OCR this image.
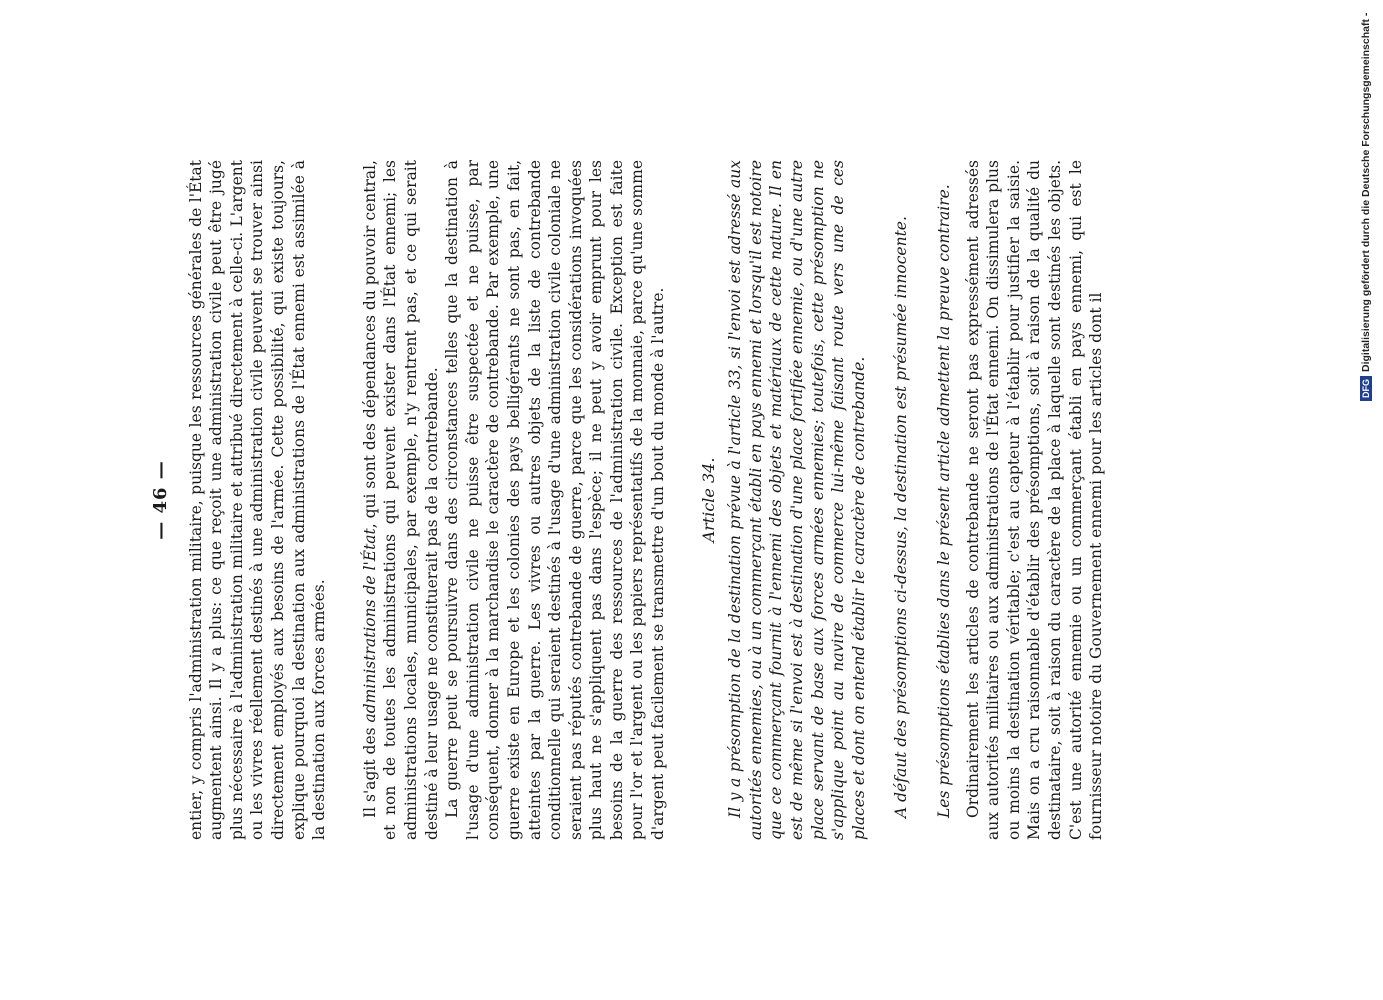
— 46 — entier, y compris l'administration militaire, puisque les ressources générales de l'État augmentent ainsi. Il y a plus: ce que reçoit une administration civile peut être jugé plus nécessaire à l'administration militaire et attribué directement à celle-ci. L'argent ou les vivres réellement destinés à une administration civile peuvent se trouver ainsi directement employés aux besoins de l'armée. Cette possibilité, qui existe toujours, explique pourquoi la destination aux administrations de l'État ennemi est assimilée à la destination aux forces armées. Il s'agit des administrations de l'État, qui sont des dépendances du pouvoir central, et non de toutes les administrations qui peuvent exister dans l'État ennemi; les administrations locales, municipales, par exemple, n'y rentrent pas, et ce qui serait destiné à leur usage ne constituerait pas de la contrebande. La guerre peut se poursuivre dans des circonstances telles que la destination à l'usage d'une administration civile ne puisse être suspectée et ne puisse, par conséquent, donner à la marchandise le caractère de contrebande. Par exemple, une guerre existe en Europe et les colonies des pays belligérants ne sont pas, en fait, atteintes par la guerre. Les vivres ou autres objets de la liste de contrebande conditionnelle qui seraient destinés à l'usage d'une administration civile coloniale ne seraient pas réputés contrebande de guerre, parce que les considérations invoquées plus haut ne s'appliquent pas dans l'espèce; il ne peut y avoir emprunt pour les besoins de la guerre des ressources de l'administration civile. Exception est faite pour l'or et l'argent ou les papiers représentatifs de la monnaie, parce qu'une somme d'argent peut facilement se transmettre d'un bout du monde à l'autre. Article 34. Il y a présomption de la destination prévue à l'article 33, si l'envoi est adressé aux autorités ennemies, ou à un commerçant établi en pays ennemi et lorsqu'il est notoire que ce commerçant fournit à l'ennemi des objets et matériaux de cette nature. Il en est de même si l'envoi est à destination d'une place fortifiée ennemie, ou d'une autre place servant de base aux forces armées ennemies; toutefois, cette présomption ne s'applique point au navire de commerce lui-même faisant route vers une de ces places et dont on entend établir le caractère de contrebande. A défaut des présomptions ci-dessus, la destination est présumée innocente. Les présomptions établies dans le présent article admettent la preuve contraire. Ordinairement les articles de contrebande ne seront pas expressément adressés aux autorités militaires ou aux administrations de l'État ennemi. On dissimulera plus ou moins la destination véritable; c'est au capteur à l'établir pour justifier la saisie. Mais on a cru raisonnable d'établir des présomptions, soit à raison de la qualité du destinataire, soit à raison du caractère de la place à laquelle sont destinés les objets. C'est une autorité ennemie ou un commerçant établi en pays ennemi, qui est le fournisseur notoire du Gouvernement ennemi pour les articles dont il	DFG
Digitalisierung gefördert durch die Deutsche Forschungsgemeinschaft -
